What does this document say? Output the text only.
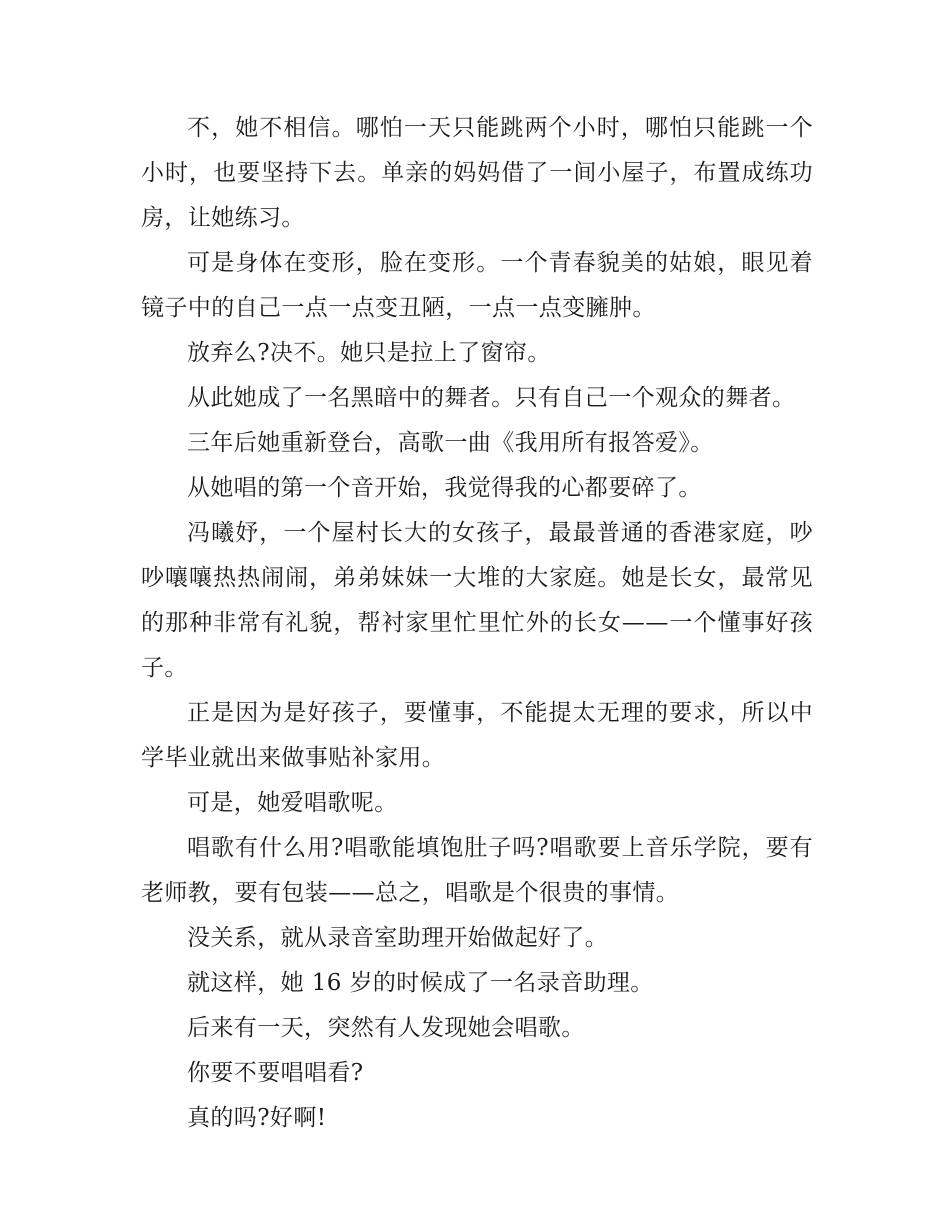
不，她不相信。哪怕一天只能跳两个小时，哪怕只能跳一个小时，也要坚持下去。单亲的妈妈借了一间小屋子，布置成练功房，让她练习。

可是身体在变形，脸在变形。一个青春貌美的姑娘，眼见着镜子中的自己一点一点变丑陋，一点一点变臃肿。

放弃么?决不。她只是拉上了窗帘。

从此她成了一名黑暗中的舞者。只有自己一个观众的舞者。

三年后她重新登台，高歌一曲《我用所有报答爱》。

从她唱的第一个音开始，我觉得我的心都要碎了。

冯曦妤，一个屋村长大的女孩子，最最普通的香港家庭，吵吵嚷嚷热热闹闹，弟弟妹妹一大堆的大家庭。她是长女，最常见的那种非常有礼貌，帮衬家里忙里忙外的长女——一个懂事好孩子。

正是因为是好孩子，要懂事，不能提太无理的要求，所以中学毕业就出来做事贴补家用。

可是，她爱唱歌呢。

唱歌有什么用?唱歌能填饱肚子吗?唱歌要上音乐学院，要有老师教，要有包装——总之，唱歌是个很贵的事情。

没关系，就从录音室助理开始做起好了。

就这样，她 16 岁的时候成了一名录音助理。

后来有一天，突然有人发现她会唱歌。

你要不要唱唱看?

真的吗?好啊!
